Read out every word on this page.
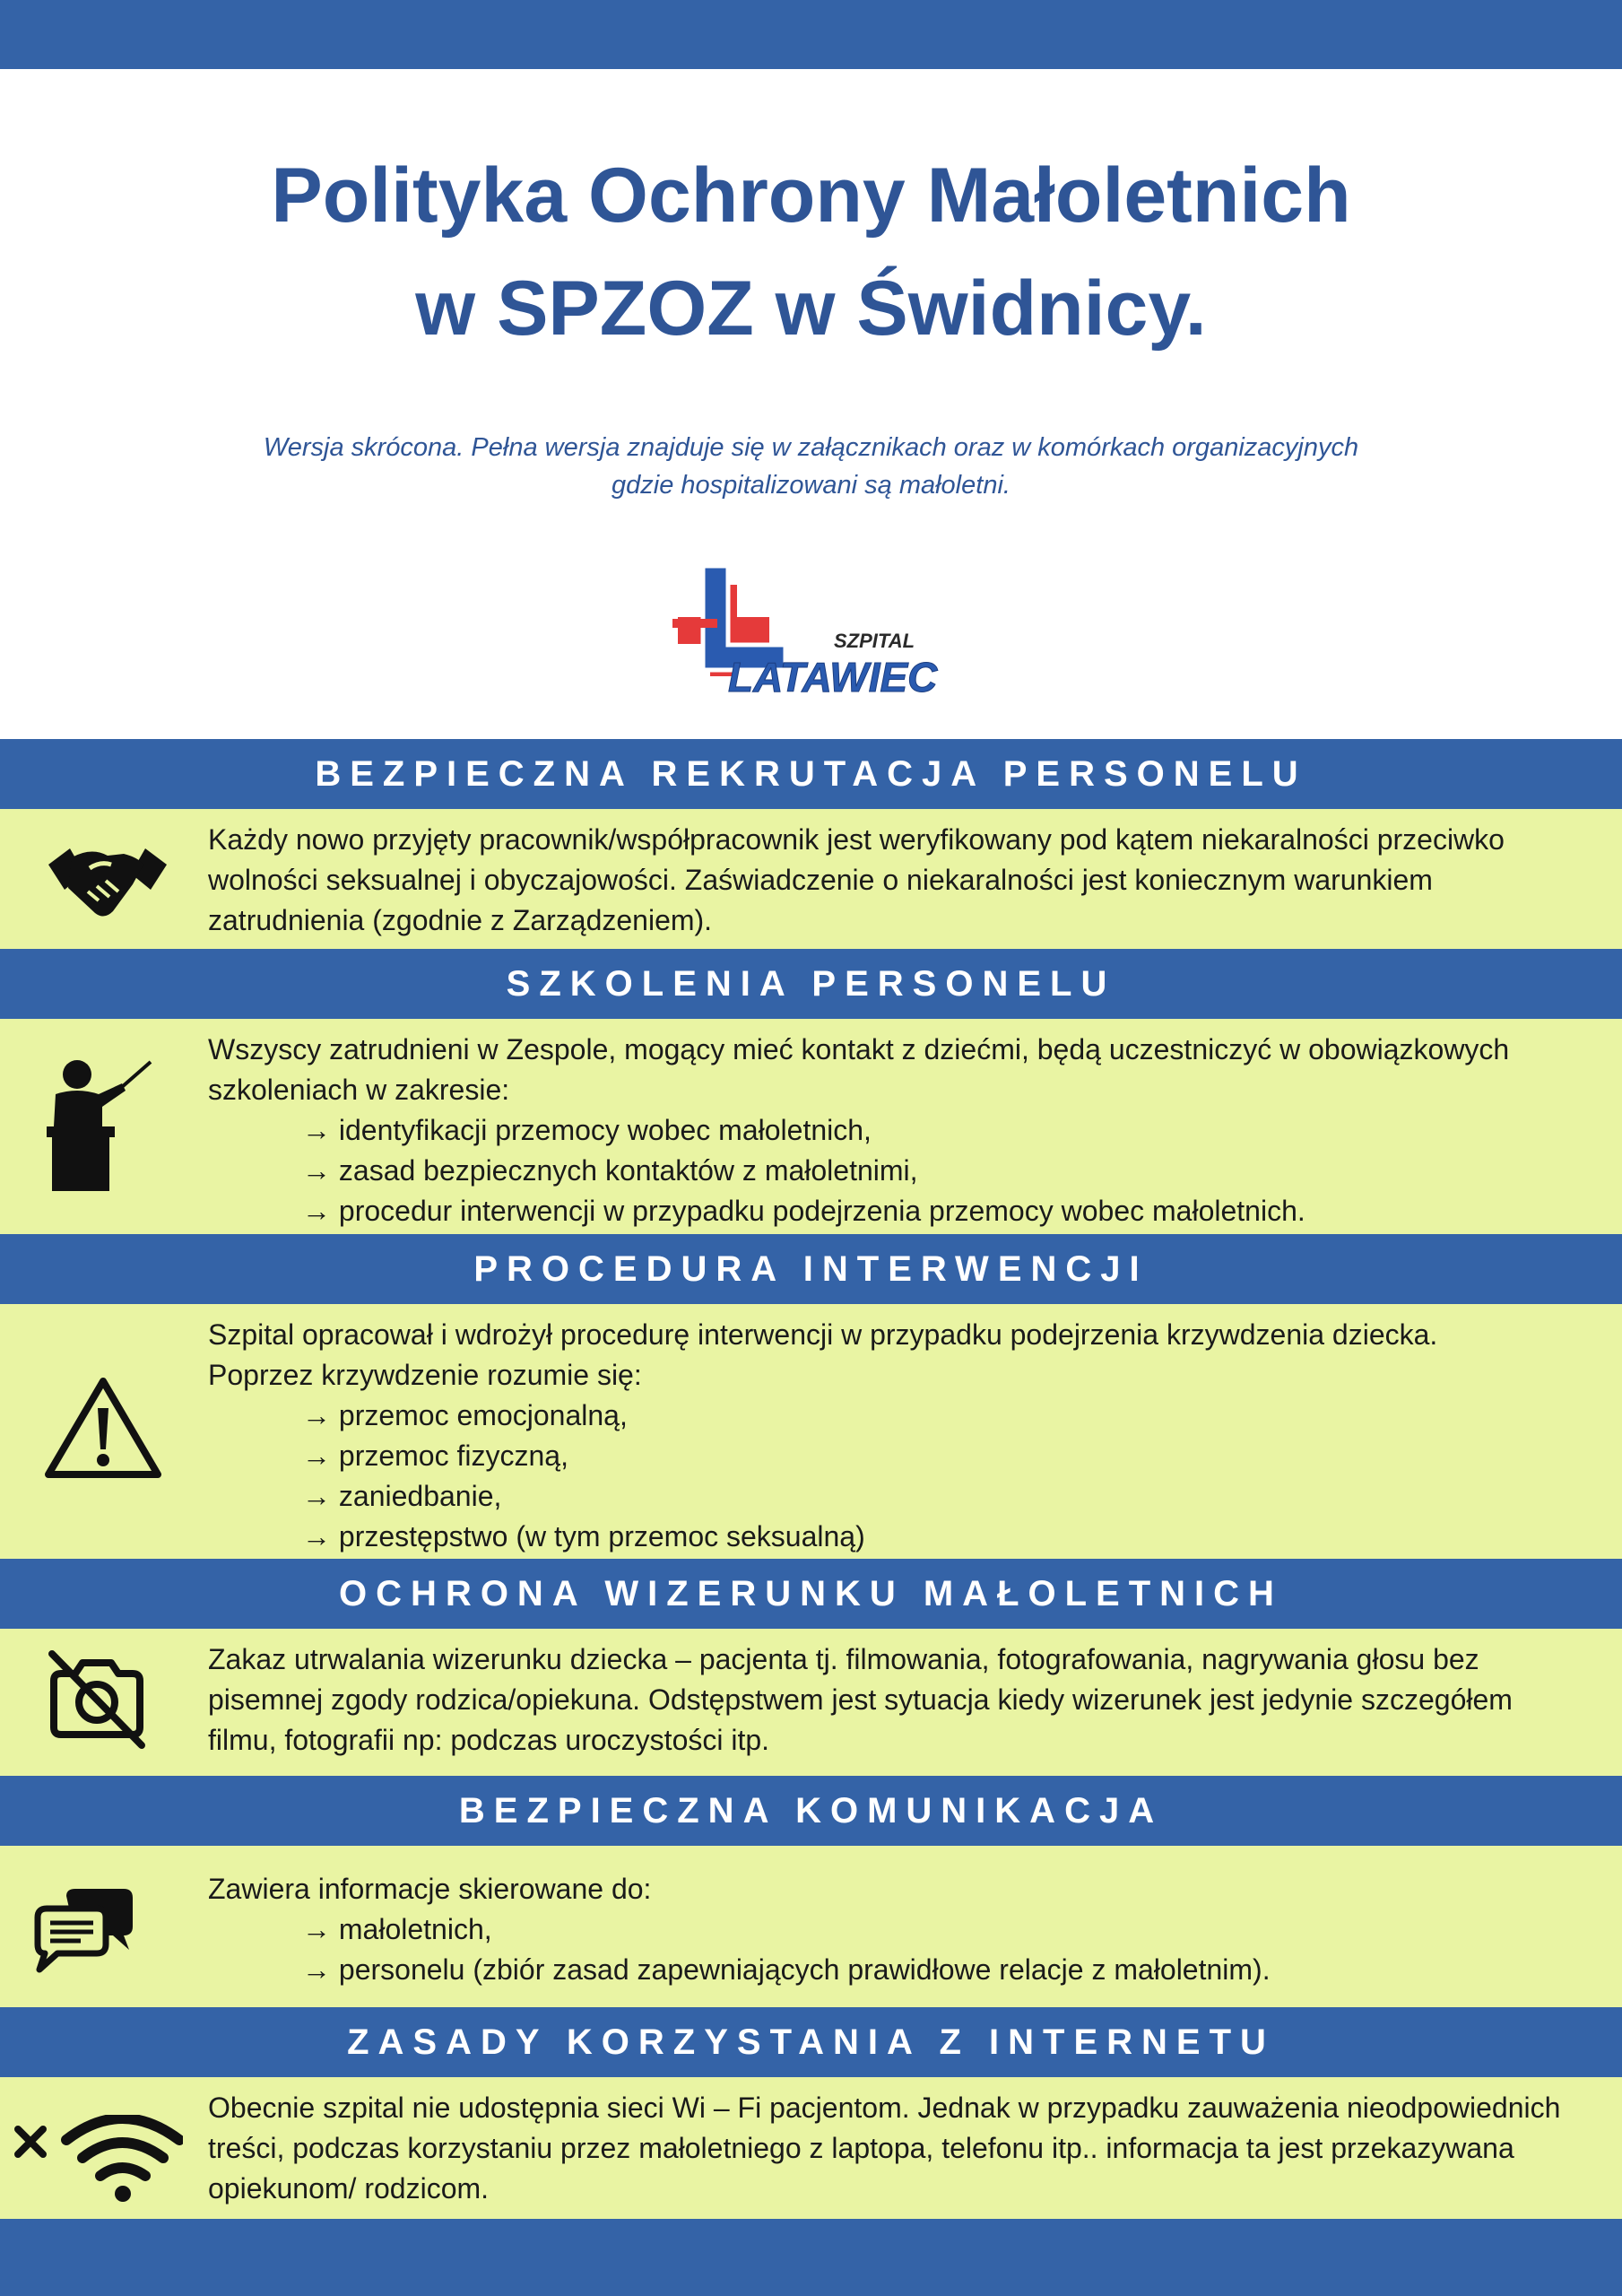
Polityka Ochrony Małoletnich
w SPZOZ w Świdnicy.
Wersja skrócona. Pełna wersja znajduje się w załącznikach oraz w komórkach organizacyjnych
gdzie hospitalizowani są małoletni.
SZPITAL
LATAWIEC
BEZPIECZNA REKRUTACJA PERSONELU

Każdy nowo przyjęty pracownik/współpracownik jest weryfikowany pod kątem niekaralności przeciwko

wolności seksualnej i obyczajowości. Zaświadczenie o niekaralności jest koniecznym warunkiem

zatrudnienia (zgodnie z Zarządzeniem).

SZKOLENIA PERSONELU

Wszyscy zatrudnieni w Zespole, mogący mieć kontakt z dziećmi, będą uczestniczyć w obowiązkowych

szkoleniach w zakresie:

→ identyfikacji przemocy wobec małoletnich,

→ zasad bezpiecznych kontaktów z małoletnimi,

→ procedur interwencji w przypadku podejrzenia przemocy wobec małoletnich.

PROCEDURA INTERWENCJI

Szpital opracował i wdrożył procedurę interwencji w przypadku podejrzenia krzywdzenia dziecka.

Poprzez krzywdzenie rozumie się:

→ przemoc emocjonalną,

→ przemoc fizyczną,

→ zaniedbanie,

→ przestępstwo (w tym przemoc seksualną)

OCHRONA WIZERUNKU MAŁOLETNICH

Zakaz utrwalania wizerunku dziecka – pacjenta tj. filmowania, fotografowania, nagrywania głosu bez

pisemnej zgody rodzica/opiekuna. Odstępstwem jest sytuacja kiedy wizerunek jest jedynie szczegółem

filmu, fotografii np: podczas uroczystości itp.

BEZPIECZNA KOMUNIKACJA

Zawiera informacje skierowane do:

→ małoletnich,

→ personelu (zbiór zasad zapewniających prawidłowe relacje z małoletnim).

ZASADY KORZYSTANIA Z INTERNETU

Obecnie szpital nie udostępnia sieci Wi – Fi pacjentom. Jednak w przypadku zauważenia nieodpowiednich

treści, podczas korzystaniu przez małoletniego z laptopa, telefonu itp.. informacja ta jest przekazywana

opiekunom/ rodzicom.
